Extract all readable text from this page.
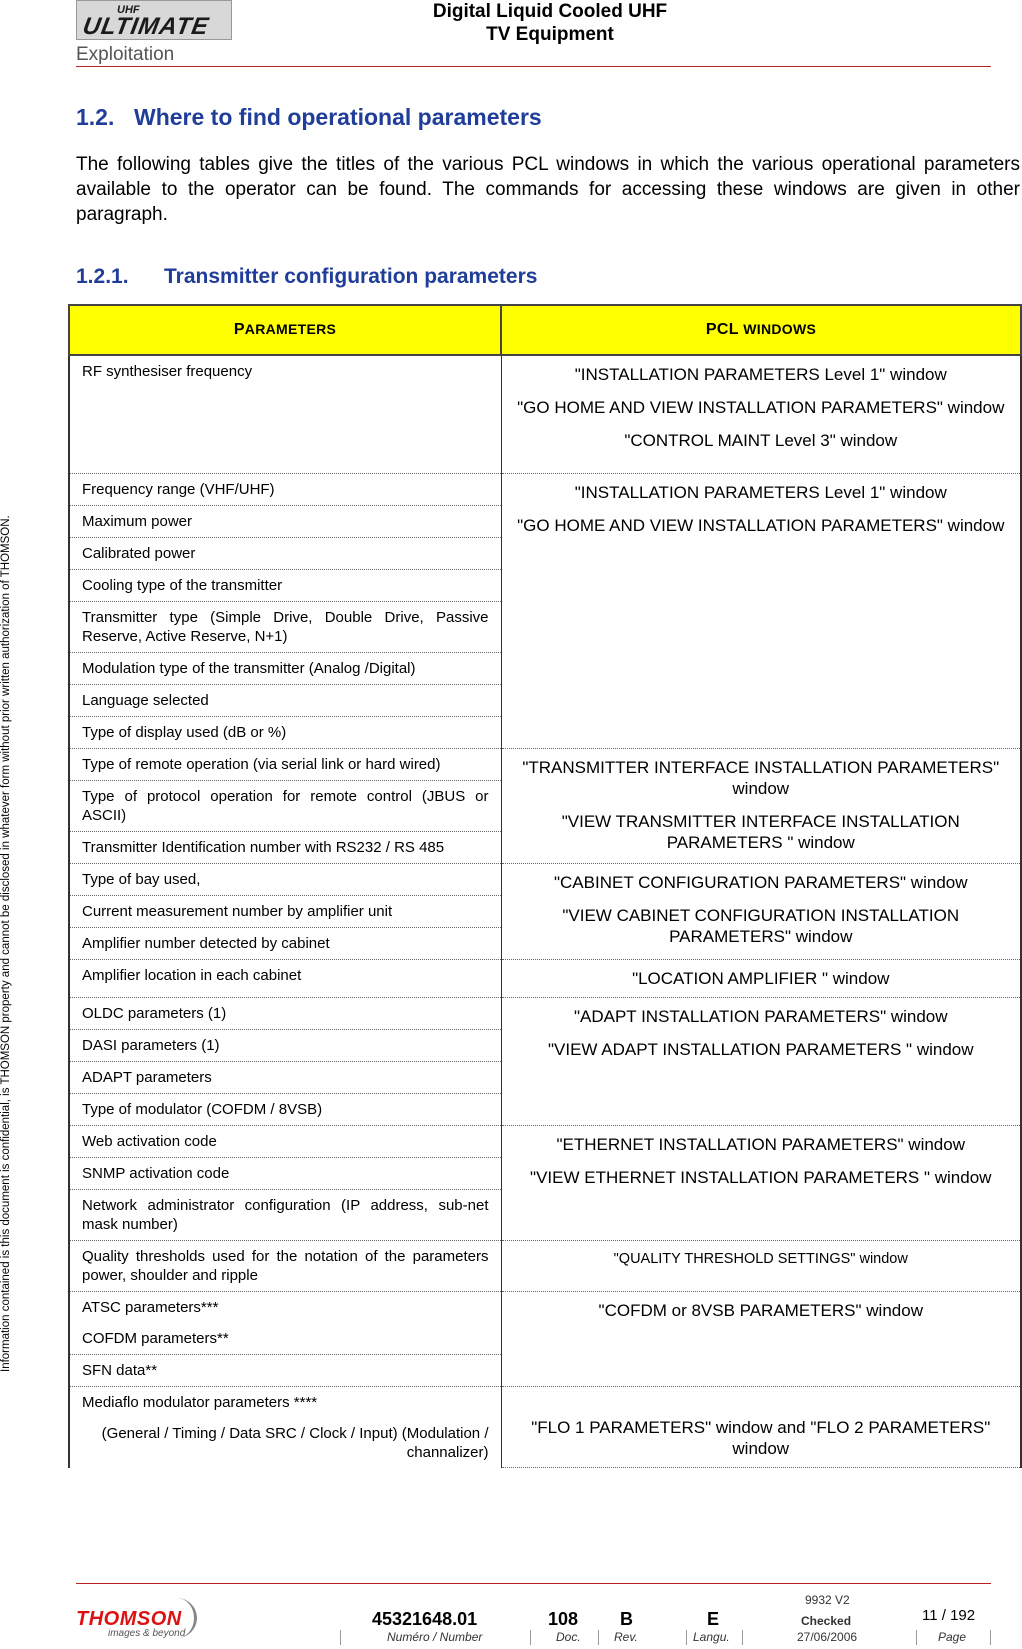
UHF
ULTIMATE
Digital Liquid Cooled UHF
TV Equipment
Exploitation
Information contained is this document is confidential, is THOMSON property and cannot be disclosed in whatever form without prior written authorization of THOMSON.
1.2. Where to find operational parameters

The following tables give the titles of the various PCL windows in which the various operational parameters available to the operator can be found. The commands for accessing these windows are given in other paragraph.

1.2.1. Transmitter configuration parameters
PARAMETERS	PCL WINDOWS
RF synthesiser frequency	"INSTALLATION PARAMETERS Level 1" window
"GO HOME AND VIEW INSTALLATION PARAMETERS" window
"CONTROL MAINT Level 3" window

Frequency range (VHF/UHF)	"INSTALLATION PARAMETERS Level 1" window
"GO HOME AND VIEW INSTALLATION PARAMETERS" window

Maximum power	
Calibrated power	
Cooling type of the transmitter	
Transmitter type (Simple Drive, Double Drive, Passive Reserve, Active Reserve, N+1)	
Modulation type of the transmitter (Analog /Digital)	
Language selected	
Type of display used (dB or %)	
Type of remote operation (via serial link or hard wired)	"TRANSMITTER INTERFACE INSTALLATION PARAMETERS" window
"VIEW TRANSMITTER INTERFACE INSTALLATION PARAMETERS " window

Type of protocol operation for remote control (JBUS or ASCII)	
Transmitter Identification number with RS232 / RS 485	
Type of bay used,	"CABINET CONFIGURATION PARAMETERS" window
"VIEW CABINET CONFIGURATION INSTALLATION PARAMETERS" window

Current measurement number by amplifier unit	
Amplifier number detected by cabinet	
Amplifier location in each cabinet	"LOCATION AMPLIFIER " window

OLDC parameters (1)	"ADAPT INSTALLATION PARAMETERS" window
"VIEW ADAPT INSTALLATION PARAMETERS " window

DASI parameters (1)	
ADAPT parameters	
Type of modulator (COFDM / 8VSB)	
Web activation code	"ETHERNET INSTALLATION PARAMETERS" window
"VIEW ETHERNET INSTALLATION PARAMETERS " window

SNMP activation code	
Network administrator configuration (IP address, sub-net mask number)	
Quality thresholds used for the notation of the parameters power, shoulder and ripple	"QUALITY THRESHOLD SETTINGS" window

ATSC parameters***	"COFDM or 8VSB PARAMETERS" window

COFDM parameters**	
SFN data**	
Mediaflo modulator parameters ****
(General / Timing / Data SRC / Clock / Input) (Modulation / channalizer)	"FLO 1 PARAMETERS" window and "FLO 2 PARAMETERS" window
THOMSON
images & beyond
45321648.01	108 B	E
9932 V2
Checked	11 / 192
Numéro / Number	Doc.	Rev.	Langu.	27/06/2006	Page
